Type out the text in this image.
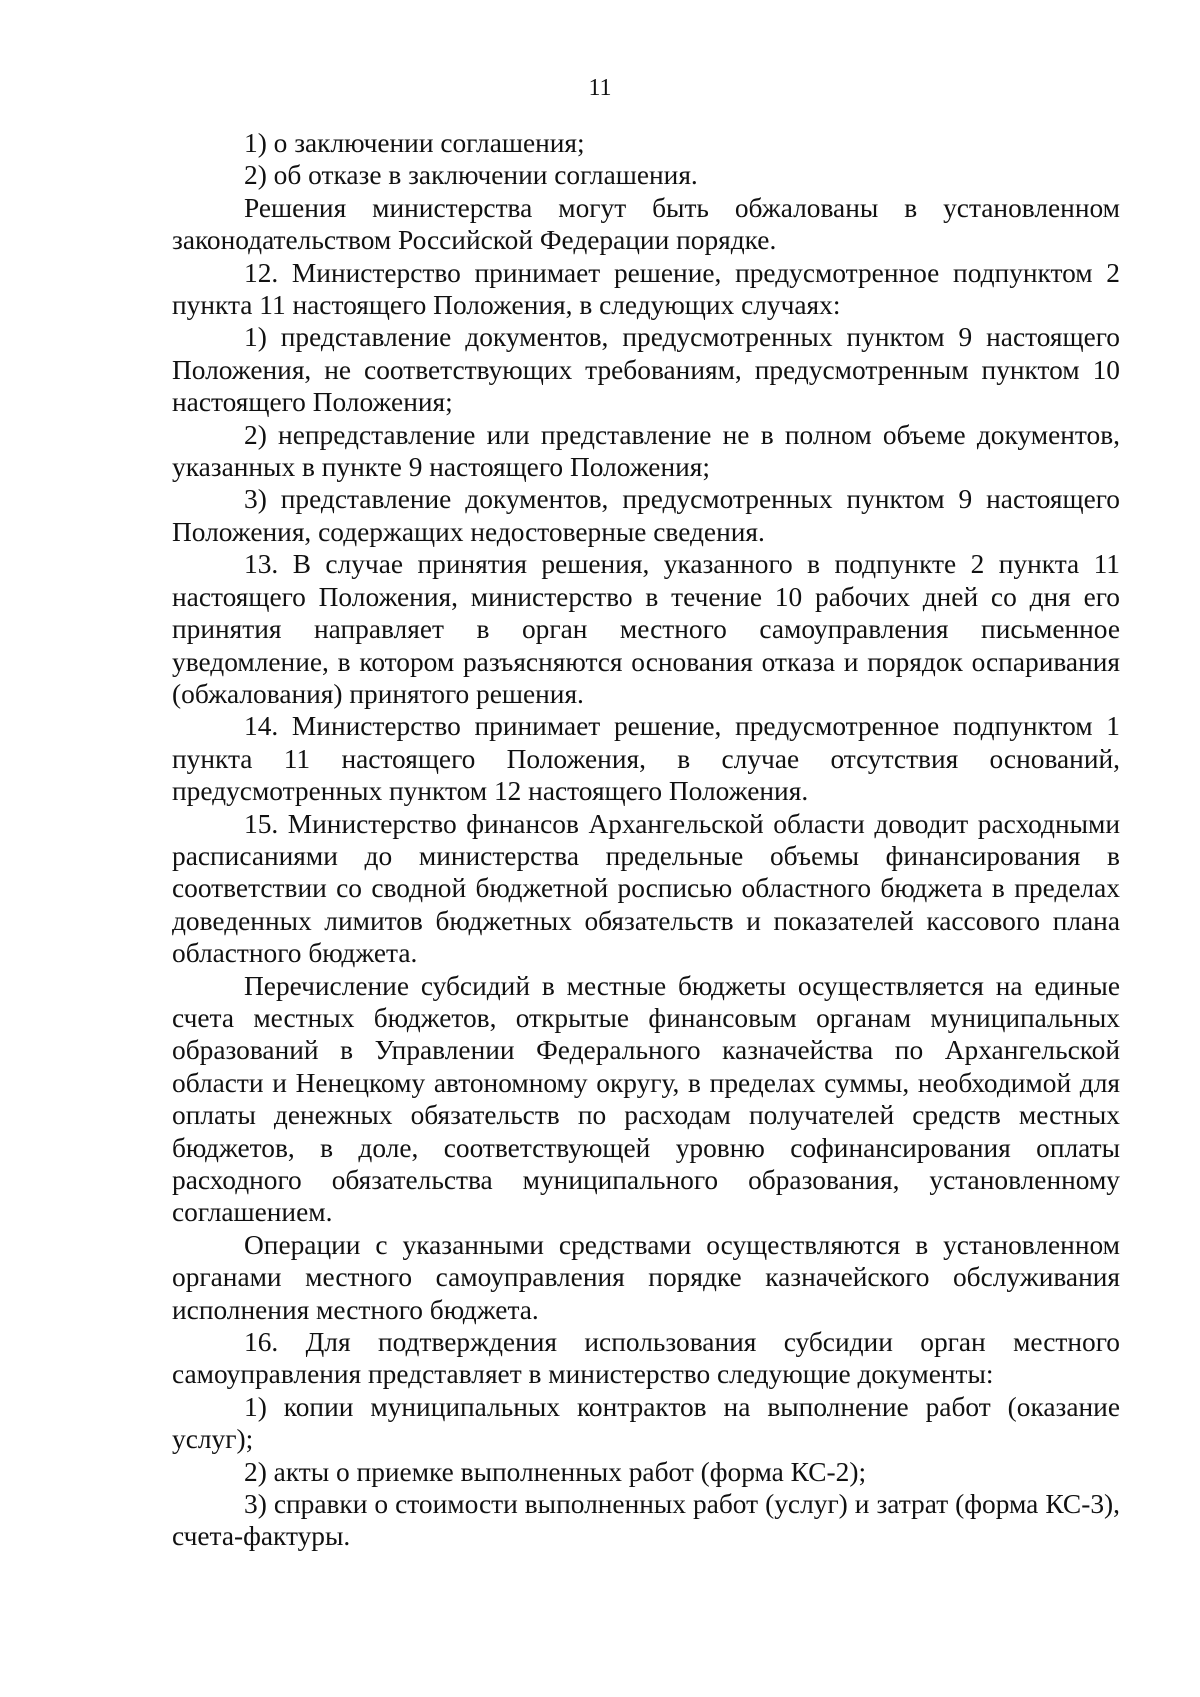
11

1) о заключении соглашения;

2) об отказе в заключении соглашения.

Решения министерства могут быть обжалованы в установленном законодательством Российской Федерации порядке.

12. Министерство принимает решение, предусмотренное подпунктом 2 пункта 11 настоящего Положения, в следующих случаях:

1) представление документов, предусмотренных пунктом 9 настоящего Положения, не соответствующих требованиям, предусмотренным пунктом 10 настоящего Положения;

2) непредставление или представление не в полном объеме документов, указанных в пункте 9 настоящего Положения;

3) представление документов, предусмотренных пунктом 9 настоящего Положения, содержащих недостоверные сведения.

13. В случае принятия решения, указанного в подпункте 2 пункта 11 настоящего Положения, министерство в течение 10 рабочих дней со дня его принятия направляет в орган местного самоуправления письменное уведомление, в котором разъясняются основания отказа и порядок оспаривания (обжалования) принятого решения.

14. Министерство принимает решение, предусмотренное подпунктом 1 пункта 11 настоящего Положения, в случае отсутствия оснований, предусмотренных пунктом 12 настоящего Положения.

15. Министерство финансов Архангельской области доводит расходными расписаниями до министерства предельные объемы финансирования в соответствии со сводной бюджетной росписью областного бюджета в пределах доведенных лимитов бюджетных обязательств и показателей кассового плана областного бюджета.

Перечисление субсидий в местные бюджеты осуществляется на единые счета местных бюджетов, открытые финансовым органам муниципальных образований в Управлении Федерального казначейства по Архангельской области и Ненецкому автономному округу, в пределах суммы, необходимой для оплаты денежных обязательств по расходам получателей средств местных бюджетов, в доле, соответствующей уровню софинансирования оплаты расходного обязательства муниципального образования, установленному соглашением.

Операции с указанными средствами осуществляются в установленном органами местного самоуправления порядке казначейского обслуживания исполнения местного бюджета.

16. Для подтверждения использования субсидии орган местного самоуправления представляет в министерство следующие документы:

1) копии муниципальных контрактов на выполнение работ (оказание услуг);

2) акты о приемке выполненных работ (форма КС-2);

3) справки о стоимости выполненных работ (услуг) и затрат (форма КС-3), счета-фактуры.
